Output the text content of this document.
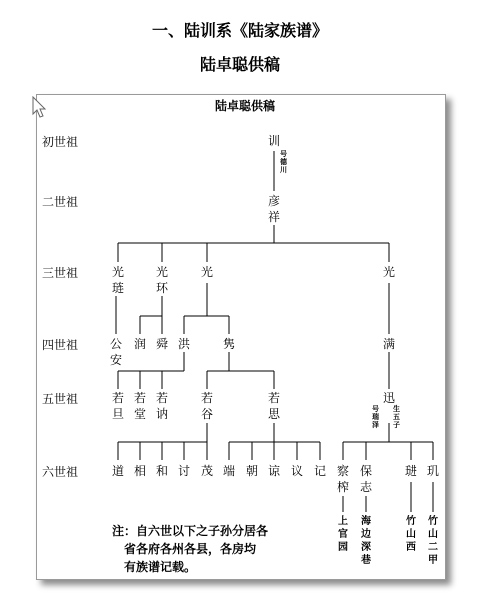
一、陆训系《陆家族谱》
陆卓聪供稿
陆卓聪供稿
初世祖
二世祖
三世祖
四世祖
五世祖
六世祖
训
号德川
彦祥
光琏
光环
光	光
公安
润 舜 洪	隽	满
若旦
若堂
若讷
若谷
若思
迅
号瑞泽
生五子
道 相 和 讨 茂 端 朝 谅 议 记 察榨
保志
琎 玑
上官园
海边深巷
竹山西
竹山二甲
注：自六世以下之子孙分居各
省各府各州各县，各房均
有族谱记载。
